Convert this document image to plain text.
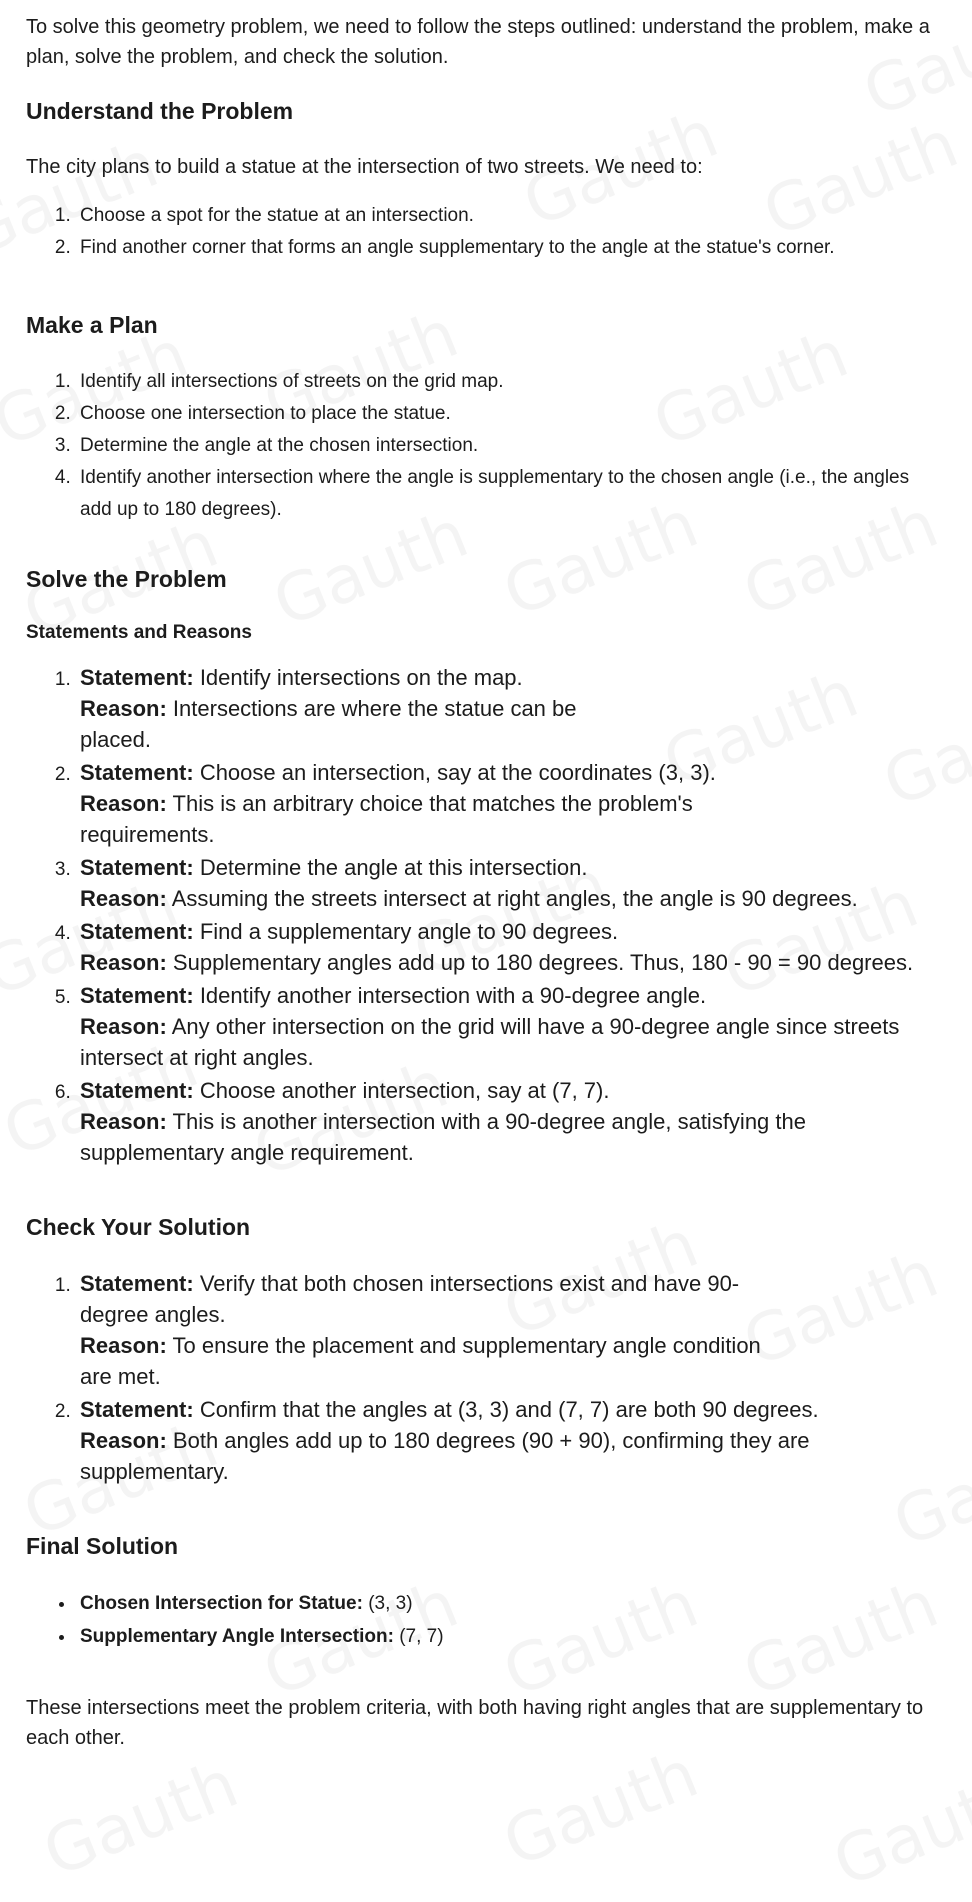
To solve this geometry problem, we need to follow the steps outlined: understand the problem, make a plan, solve the problem, and check the solution.

Understand the Problem

The city plans to build a statue at the intersection of two streets. We need to:

1. Choose a spot for the statue at an intersection.
2. Find another corner that forms an angle supplementary to the angle at the statue's corner.
Make a Plan
1. Identify all intersections of streets on the grid map.
2. Choose one intersection to place the statue.
3. Determine the angle at the chosen intersection.
4. Identify another intersection where the angle is supplementary to the chosen angle (i.e., the angles add up to 180 degrees).
Solve the Problem
Statements and Reasons
1. Statement: Identify intersections on the map.
Reason: Intersections are where the statue can be placed.
2. Statement: Choose an intersection, say at the coordinates (3, 3).
Reason: This is an arbitrary choice that matches the problem's requirements.
3. Statement: Determine the angle at this intersection.
Reason: Assuming the streets intersect at right angles, the angle is 90 degrees.
4. Statement: Find a supplementary angle to 90 degrees.
Reason: Supplementary angles add up to 180 degrees. Thus, 180 - 90 = 90 degrees.
5. Statement: Identify another intersection with a 90-degree angle.
Reason: Any other intersection on the grid will have a 90-degree angle since streets intersect at right angles.
6. Statement: Choose another intersection, say at (7, 7).
Reason: This is another intersection with a 90-degree angle, satisfying the supplementary angle requirement.
Check Your Solution
1. Statement: Verify that both chosen intersections exist and have 90-degree angles.
Reason: To ensure the placement and supplementary angle condition are met.
2. Statement: Confirm that the angles at (3, 3) and (7, 7) are both 90 degrees.
Reason: Both angles add up to 180 degrees (90 + 90), confirming they are supplementary.
Final Solution
• Chosen Intersection for Statue: (3, 3)
• Supplementary Angle Intersection: (7, 7)

These intersections meet the problem criteria, with both having right angles that are supplementary to each other.
